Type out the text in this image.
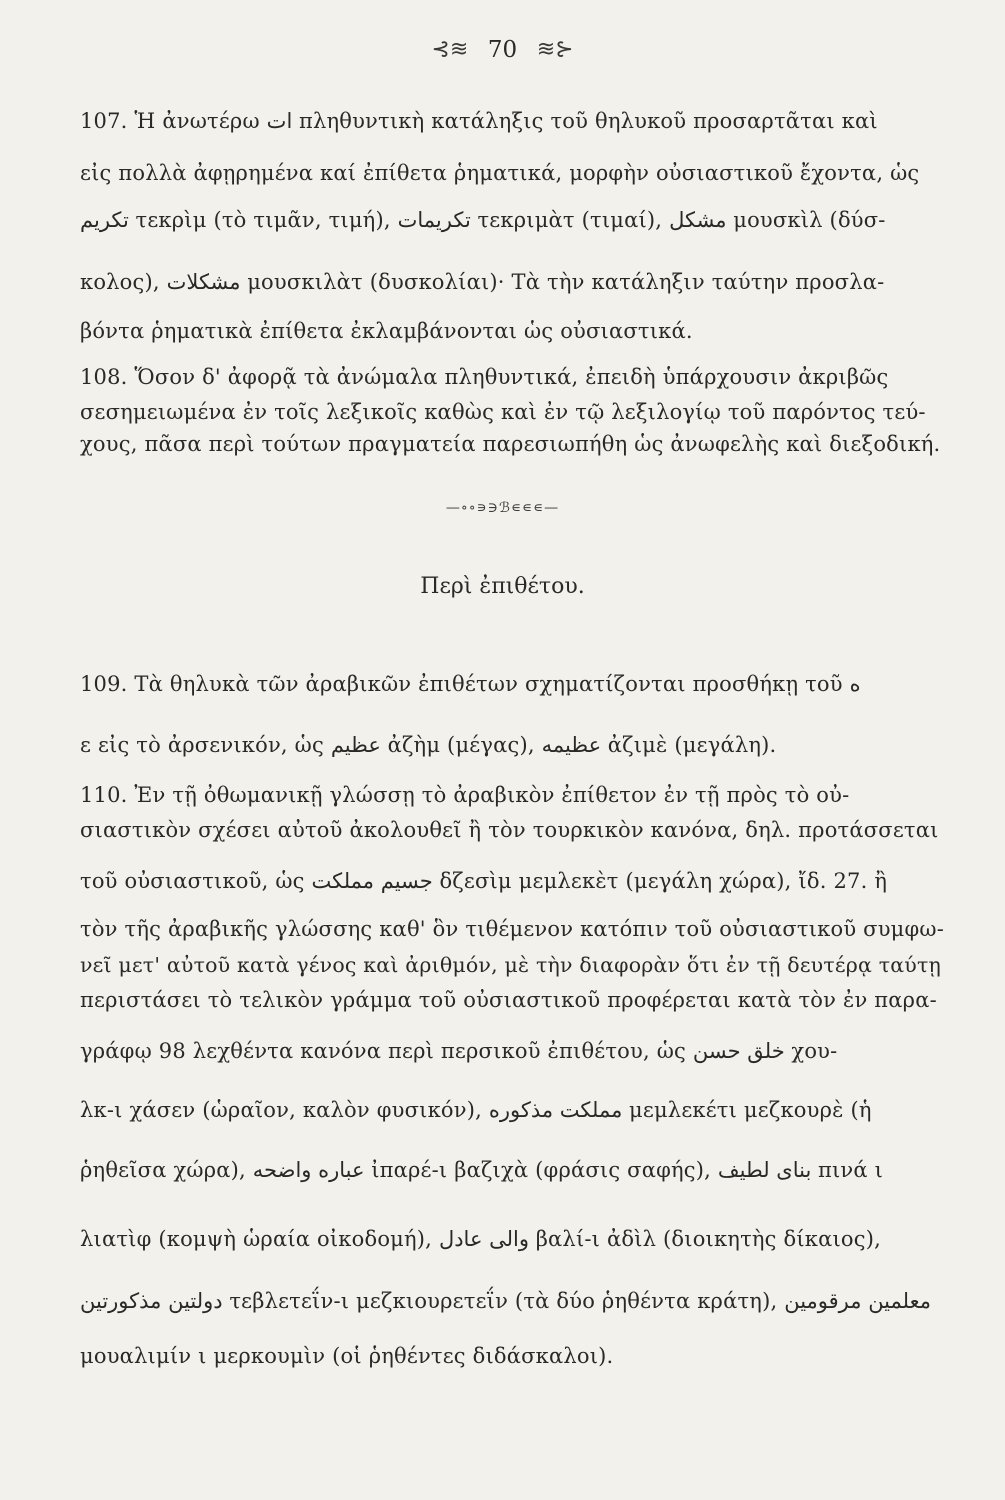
⊰≋ 70 ≋⊱
107. Ἡ ἀνωτέρω ات πληθυντικὴ κατάληξις τοῦ θηλυκοῦ προσαρτᾶται καὶ
εἰς πολλὰ ἀφῃρημένα καί ἐπίθετα ῥηματικά, μορφὴν οὐσιαστικοῦ ἔχοντα, ὡς
تكريم τεκρὶμ (τὸ τιμᾶν, τιμή), تكريمات τεκριμὰτ (τιμαί), مشكل μουσκὶλ (δύσ-
κολος), مشكلات μουσκιλὰτ (δυσκολίαι)· Τὰ τὴν κατάληξιν ταύτην προσλα-
βόντα ῥηματικὰ ἐπίθετα ἐκλαμβάνονται ὡς οὐσιαστικά.
108. Ὅσον δ' ἀφορᾷ τὰ ἀνώμαλα πληθυντικά, ἐπειδὴ ὑπάρχουσιν ἀκριβῶς
σεσημειωμένα ἐν τοῖς λεξικοῖς καθὼς καὶ ἐν τῷ λεξιλογίῳ τοῦ παρόντος τεύ-
χους, πᾶσα περὶ τούτων πραγματεία παρεσιωπήθη ὡς ἀνωφελὴς καὶ διεξοδική.
—∘∘∍∋ℬ∊∊∊—
Περὶ ἐπιθέτου.
109. Τὰ θηλυκὰ τῶν ἀραβικῶν ἐπιθέτων σχηματίζονται προσθήκῃ τοῦ ه
ε εἰς τὸ ἀρσενικόν, ὡς عظيم ἀζὴμ (μέγας), عظيمه ἀζιμὲ (μεγάλη).
110. Ἐν τῇ ὀθωμανικῇ γλώσσῃ τὸ ἀραβικὸν ἐπίθετον ἐν τῇ πρὸς τὸ οὐ-
σιαστικὸν σχέσει αὐτοῦ ἀκολουθεῖ ἢ τὸν τουρκικὸν κανόνα, δηλ. προτάσσεται
τοῦ οὐσιαστικοῦ, ὡς جسيم مملكت δζεσὶμ μεμλεκὲτ (μεγάλη χώρα), ἴδ. 27. ἢ
τὸν τῆς ἀραβικῆς γλώσσης καθ' ὃν τιθέμενον κατόπιν τοῦ οὐσιαστικοῦ συμφω-
νεῖ μετ' αὐτοῦ κατὰ γένος καὶ ἀριθμόν, μὲ τὴν διαφορὰν ὅτι ἐν τῇ δευτέρᾳ ταύτῃ
περιστάσει τὸ τελικὸν γράμμα τοῦ οὐσιαστικοῦ προφέρεται κατὰ τὸν ἐν παρα-
γράφῳ 98 λεχθέντα κανόνα περὶ περσικοῦ ἐπιθέτου, ὡς خلق حسن χου-
λκ-ι χάσεν (ὡραῖον, καλὸν φυσικόν), مملكت مذكوره μεμλεκέτι μεζκουρὲ (ἡ
ῥηθεῖσα χώρα), عباره واضحه ἰπαρέ-ι βαζιχὰ (φράσις σαφής), بناى لطيف πινά ι
λιατὶφ (κομψὴ ὡραία οἰκοδομή), والى عادل βαλί-ι ἀδὶλ (διοικητὴς δίκαιος),
دولتين مذكورتين τεβλετεΐν-ι μεζκιουρετεΐν (τὰ δύο ῥηθέντα κράτη), معلمين مرقومين
μουαλιμίν ι μερκουμὶν (οἱ ῥηθέντες διδάσκαλοι).
